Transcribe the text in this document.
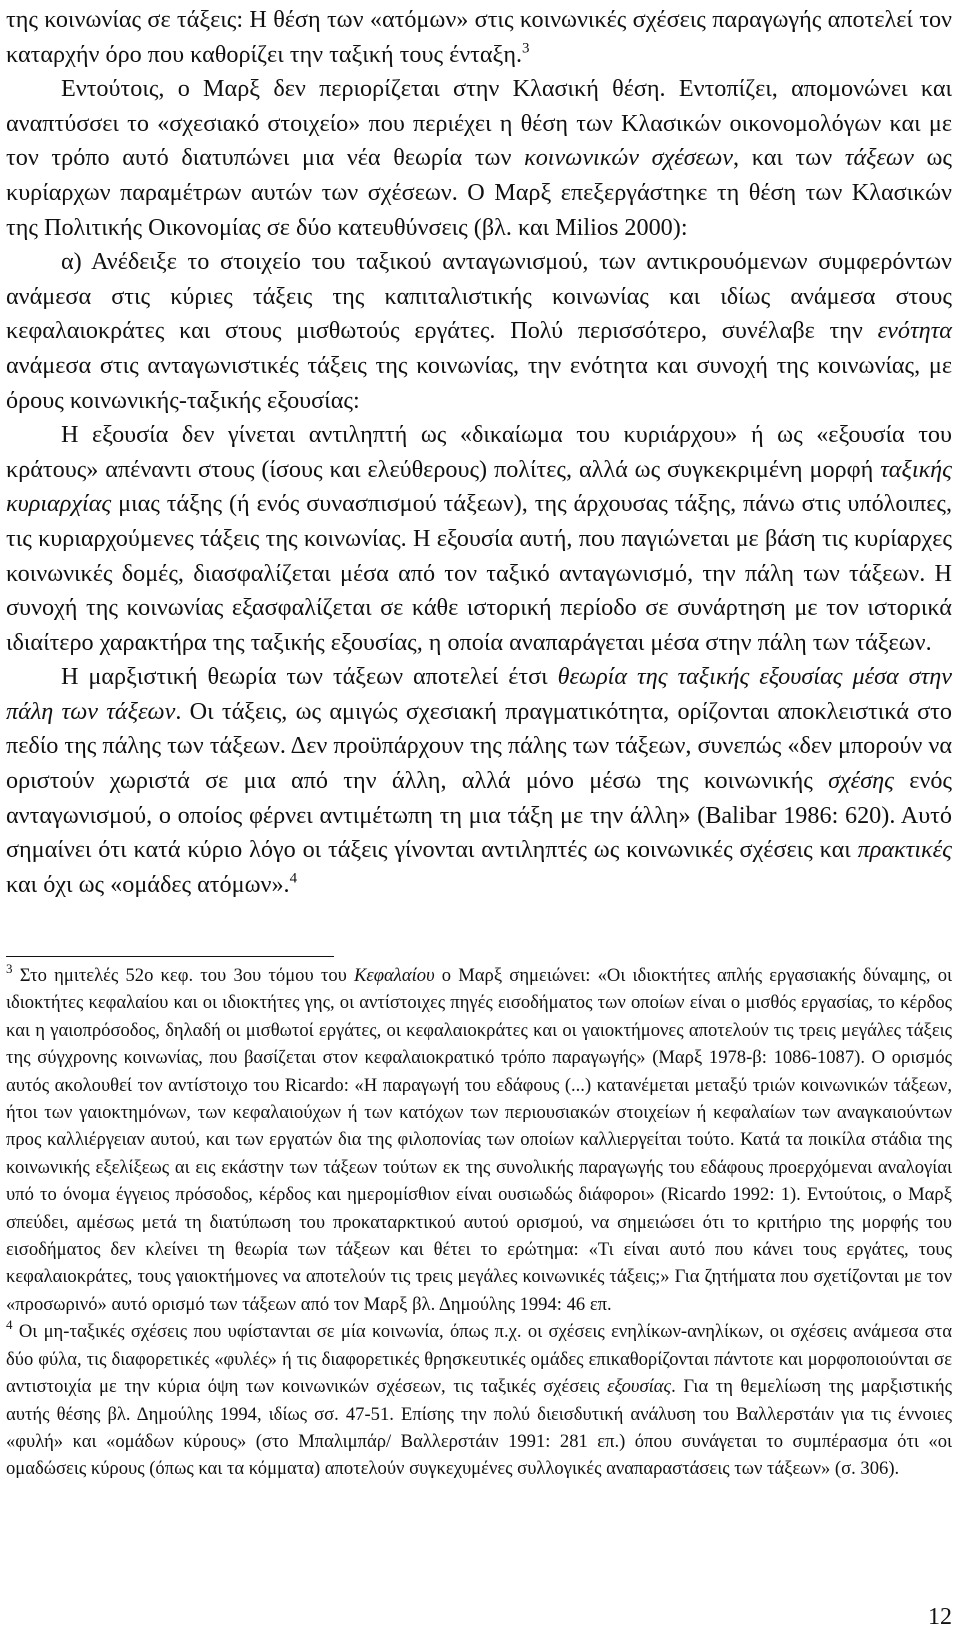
της κοινωνίας σε τάξεις: Η θέση των «ατόμων» στις κοινωνικές σχέσεις παραγωγής αποτελεί τον καταρχήν όρο που καθορίζει την ταξική τους ένταξη.$^3$

Εντούτοις, ο Μαρξ δεν περιορίζεται στην Κλασική θέση. Εντοπίζει, απομονώνει και αναπτύσσει το «σχεσιακό στοιχείο» που περιέχει η θέση των Κλασικών οικονομολόγων και με τον τρόπο αυτό διατυπώνει μια νέα θεωρία των κοινωνικών σχέσεων, και των τάξεων ως κυρίαρχων παραμέτρων αυτών των σχέσεων. Ο Μαρξ επεξεργάστηκε τη θέση των Κλασικών της Πολιτικής Οικονομίας σε δύο κατευθύνσεις (βλ. και Milios 2000):

α) Ανέδειξε το στοιχείο του ταξικού ανταγωνισμού, των αντικρουόμενων συμφερόντων ανάμεσα στις κύριες τάξεις της καπιταλιστικής κοινωνίας και ιδίως ανάμεσα στους κεφαλαιοκράτες και στους μισθωτούς εργάτες. Πολύ περισσότερο, συνέλαβε την ενότητα ανάμεσα στις ανταγωνιστικές τάξεις της κοινωνίας, την ενότητα και συνοχή της κοινωνίας, με όρους κοινωνικής-ταξικής εξουσίας:

Η εξουσία δεν γίνεται αντιληπτή ως «δικαίωμα του κυριάρχου» ή ως «εξουσία του κράτους» απέναντι στους (ίσους και ελεύθερους) πολίτες, αλλά ως συγκεκριμένη μορφή ταξικής κυριαρχίας μιας τάξης (ή ενός συνασπισμού τάξεων), της άρχουσας τάξης, πάνω στις υπόλοιπες, τις κυριαρχούμενες τάξεις της κοινωνίας. Η εξουσία αυτή, που παγιώνεται με βάση τις κυρίαρχες κοινωνικές δομές, διασφαλίζεται μέσα από τον ταξικό ανταγωνισμό, την πάλη των τάξεων. Η συνοχή της κοινωνίας εξασφαλίζεται σε κάθε ιστορική περίοδο σε συνάρτηση με τον ιστορικά ιδιαίτερο χαρακτήρα της ταξικής εξουσίας, η οποία αναπαράγεται μέσα στην πάλη των τάξεων.

Η μαρξιστική θεωρία των τάξεων αποτελεί έτσι θεωρία της ταξικής εξουσίας μέσα στην πάλη των τάξεων. Οι τάξεις, ως αμιγώς σχεσιακή πραγματικότητα, ορίζονται αποκλειστικά στο πεδίο της πάλης των τάξεων. Δεν προϋπάρχουν της πάλης των τάξεων, συνεπώς «δεν μπορούν να οριστούν χωριστά σε μια από την άλλη, αλλά μόνο μέσω της κοινωνικής σχέσης ενός ανταγωνισμού, ο οποίος φέρνει αντιμέτωπη τη μια τάξη με την άλλη» (Balibar 1986: 620). Αυτό σημαίνει ότι κατά κύριο λόγο οι τάξεις γίνονται αντιληπτές ως κοινωνικές σχέσεις και πρακτικές και όχι ως «ομάδες ατόμων».$^4$

$^3$ Στο ημιτελές 52ο κεφ. του 3ου τόμου του Κεφαλαίου ο Μαρξ σημειώνει: «Οι ιδιοκτήτες απλής εργασιακής δύναμης, οι ιδιοκτήτες κεφαλαίου και οι ιδιοκτήτες γης, οι αντίστοιχες πηγές εισοδήματος των οποίων είναι ο μισθός εργασίας, το κέρδος και η γαιοπρόσοδος, δηλαδή οι μισθωτοί εργάτες, οι κεφαλαιοκράτες και οι γαιοκτήμονες αποτελούν τις τρεις μεγάλες τάξεις της σύγχρονης κοινωνίας, που βασίζεται στον κεφαλαιοκρατικό τρόπο παραγωγής» (Μαρξ 1978-β: 1086-1087). Ο ορισμός αυτός ακολουθεί τον αντίστοιχο του Ricardo: «Η παραγωγή του εδάφους (...) κατανέμεται μεταξύ τριών κοινωνικών τάξεων, ήτοι των γαιοκτημόνων, των κεφαλαιούχων ή των κατόχων των περιουσιακών στοιχείων ή κεφαλαίων των αναγκαιούντων προς καλλιέργειαν αυτού, και των εργατών δια της φιλοπονίας των οποίων καλλιεργείται τούτο. Κατά τα ποικίλα στάδια της κοινωνικής εξελίξεως αι εις εκάστην των τάξεων τούτων εκ της συνολικής παραγωγής του εδάφους προερχόμεναι αναλογίαι υπό το όνομα έγγειος πρόσοδος, κέρδος και ημερομίσθιον είναι ουσιωδώς διάφοροι» (Ricardo 1992: 1). Εντούτοις, ο Μαρξ σπεύδει, αμέσως μετά τη διατύπωση του προκαταρκτικού αυτού ορισμού, να σημειώσει ότι το κριτήριο της μορφής του εισοδήματος δεν κλείνει τη θεωρία των τάξεων και θέτει το ερώτημα: «Τι είναι αυτό που κάνει τους εργάτες, τους κεφαλαιοκράτες, τους γαιοκτήμονες να αποτελούν τις τρεις μεγάλες κοινωνικές τάξεις;» Για ζητήματα που σχετίζονται με τον «προσωρινό» αυτό ορισμό των τάξεων από τον Μαρξ βλ. Δημούλης 1994: 46 επ.

$^4$ Οι μη-ταξικές σχέσεις που υφίστανται σε μία κοινωνία, όπως π.χ. οι σχέσεις ενηλίκων-ανηλίκων, οι σχέσεις ανάμεσα στα δύο φύλα, τις διαφορετικές «φυλές» ή τις διαφορετικές θρησκευτικές ομάδες επικαθορίζονται πάντοτε και μορφοποιούνται σε αντιστοιχία με την κύρια όψη των κοινωνικών σχέσεων, τις ταξικές σχέσεις εξουσίας. Για τη θεμελίωση της μαρξιστικής αυτής θέσης βλ. Δημούλης 1994, ιδίως σσ. 47-51. Επίσης την πολύ διεισδυτική ανάλυση του Βαλλερστάιν για τις έννοιες «φυλή» και «ομάδων κύρους» (στο Μπαλιμπάρ/ Βαλλερστάιν 1991: 281 επ.) όπου συνάγεται το συμπέρασμα ότι «οι ομαδώσεις κύρους (όπως και τα κόμματα) αποτελούν συγκεχυμένες συλλογικές αναπαραστάσεις των τάξεων» (σ. 306).

12
